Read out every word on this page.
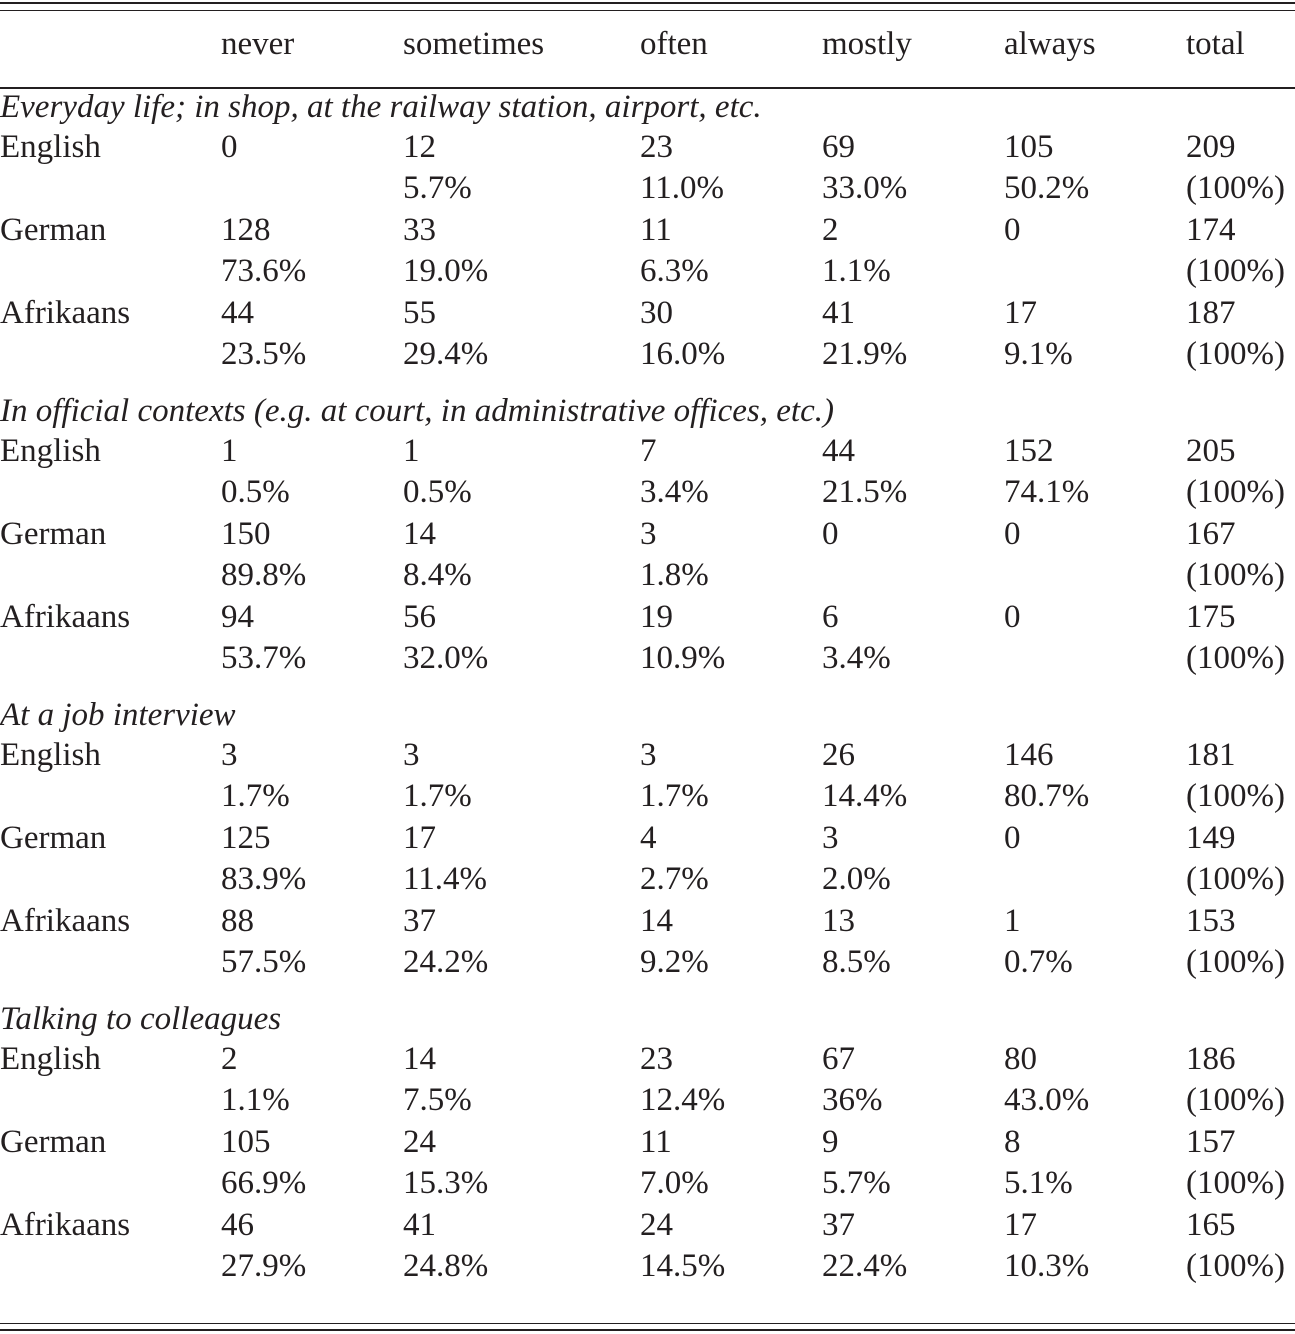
	never	sometimes	often	mostly	always	total
Everyday life; in shop, at the railway station, airport, etc.						
English	0	12	23	69	105	209
		5.7%	11.0%	33.0%	50.2%	(100%)
German	128	33	11	2	0	174
	73.6%	19.0%	6.3%	1.1%		(100%)
Afrikaans	44	55	30	41	17	187
	23.5%	29.4%	16.0%	21.9%	9.1%	(100%)

In official contexts (e.g. at court, in administrative offices, etc.)						
English	1	1	7	44	152	205
	0.5%	0.5%	3.4%	21.5%	74.1%	(100%)
German	150	14	3	0	0	167
	89.8%	8.4%	1.8%			(100%)
Afrikaans	94	56	19	6	0	175
	53.7%	32.0%	10.9%	3.4%		(100%)

At a job interview						
English	3	3	3	26	146	181
	1.7%	1.7%	1.7%	14.4%	80.7%	(100%)
German	125	17	4	3	0	149
	83.9%	11.4%	2.7%	2.0%		(100%)
Afrikaans	88	37	14	13	1	153
	57.5%	24.2%	9.2%	8.5%	0.7%	(100%)

Talking to colleagues						
English	2	14	23	67	80	186
	1.1%	7.5%	12.4%	36%	43.0%	(100%)
German	105	24	11	9	8	157
	66.9%	15.3%	7.0%	5.7%	5.1%	(100%)
Afrikaans	46	41	24	37	17	165
	27.9%	24.8%	14.5%	22.4%	10.3%	(100%)
